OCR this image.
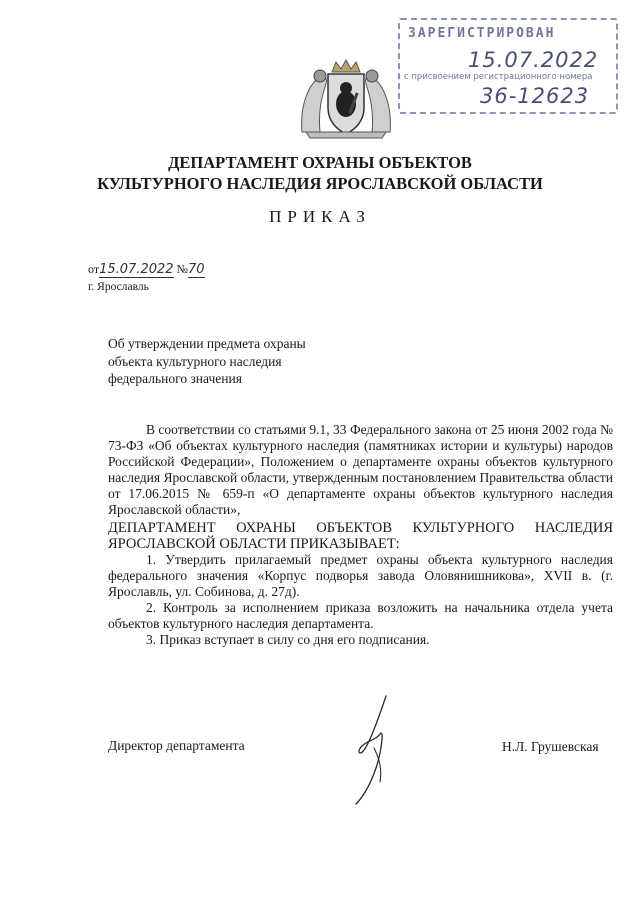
ЗАРЕГИСТРИРОВАН
15.07.2022
с присвоением регистрационного номера
36-12623
ДЕПАРТАМЕНТ ОХРАНЫ ОБЪЕКТОВ
КУЛЬТУРНОГО НАСЛЕДИЯ ЯРОСЛАВСКОЙ ОБЛАСТИ
ПРИКАЗ
от15.07.2022 №70
г. Ярославль
Об утверждении предмета охраны
объекта культурного наследия
федерального значения

В соответствии со статьями 9.1, 33 Федерального закона от 25 июня 2002 года № 73-ФЗ «Об объектах культурного наследия (памятниках истории и культуры) народов Российской Федерации», Положением о департаменте охраны объектов культурного наследия Ярославской области, утвержденным постановлением Правительства области от 17.06.2015 № 659-п «О департаменте охраны объектов культурного наследия Ярославской области»,

ДЕПАРТАМЕНТ ОХРАНЫ ОБЪЕКТОВ КУЛЬТУРНОГО НАСЛЕДИЯ ЯРОСЛАВСКОЙ ОБЛАСТИ ПРИКАЗЫВАЕТ:

1. Утвердить прилагаемый предмет охраны объекта культурного наследия федерального значения «Корпус подворья завода Оловянишникова», XVII в. (г. Ярославль, ул. Собинова, д. 27д).

2. Контроль за исполнением приказа возложить на начальника отдела учета объектов культурного наследия департамента.

3. Приказ вступает в силу со дня его подписания.

Директор департамента	Н.Л. Грушевская
